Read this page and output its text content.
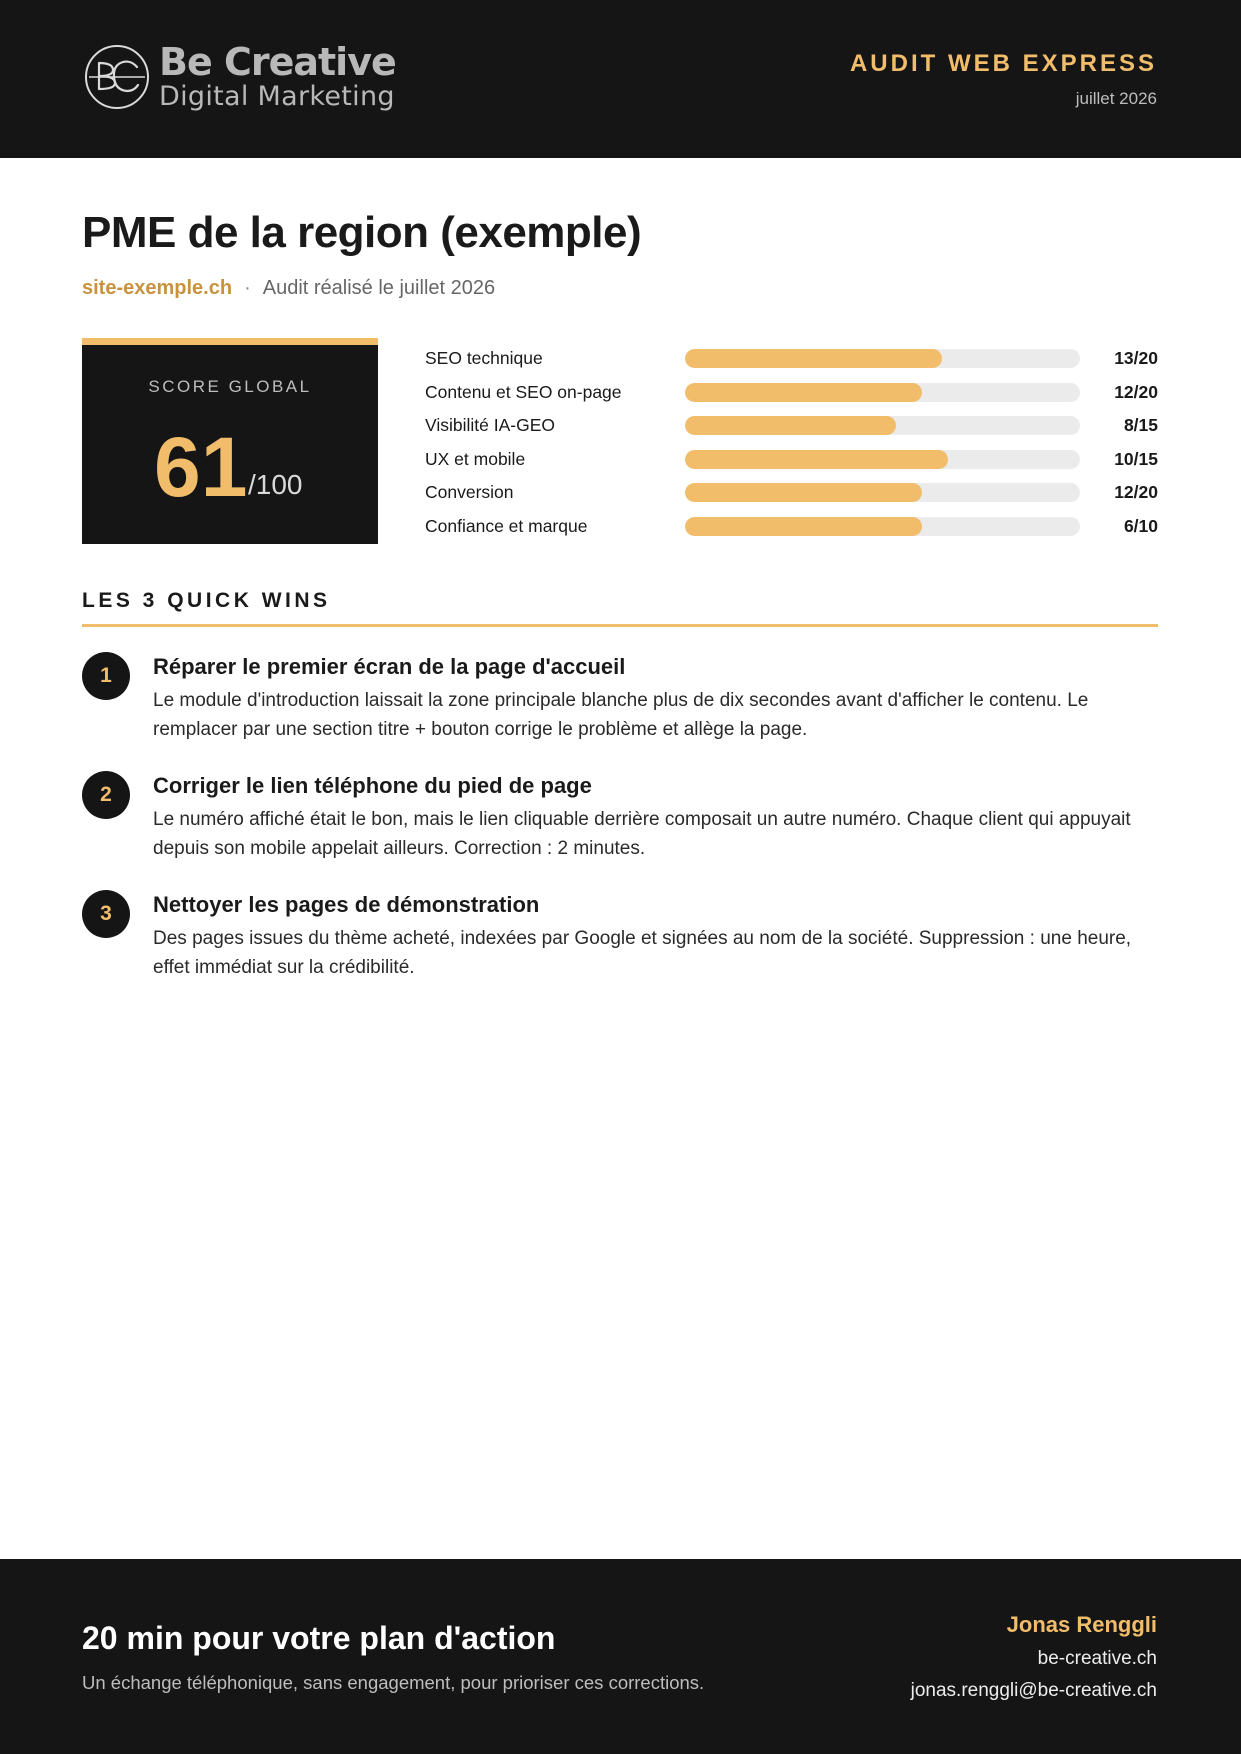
Be Creative
Digital Marketing
AUDIT WEB EXPRESS
juillet 2026
PME de la region (exemple)
site-exemple.ch · Audit réalisé le juillet 2026
SCORE GLOBAL
61 /100
SEO technique	13/20
Contenu et SEO on-page	12/20
Visibilité IA-GEO	8/15
UX et mobile	10/15
Conversion	12/20
Confiance et marque	6/10
LES 3 QUICK WINS
1	Réparer le premier écran de la page d'accueil
Le module d'introduction laissait la zone principale blanche plus de dix secondes avant d'afficher le contenu. Le remplacer par une section titre + bouton corrige le problème et allège la page.
2	Corriger le lien téléphone du pied de page
Le numéro affiché était le bon, mais le lien cliquable derrière composait un autre numéro. Chaque client qui appuyait depuis son mobile appelait ailleurs. Correction : 2 minutes.
3	Nettoyer les pages de démonstration
Des pages issues du thème acheté, indexées par Google et signées au nom de la société. Suppression : une heure, effet immédiat sur la crédibilité.
20 min pour votre plan d'action
Un échange téléphonique, sans engagement, pour prioriser ces corrections.
Jonas Renggli
be-creative.ch
jonas.renggli@be-creative.ch
